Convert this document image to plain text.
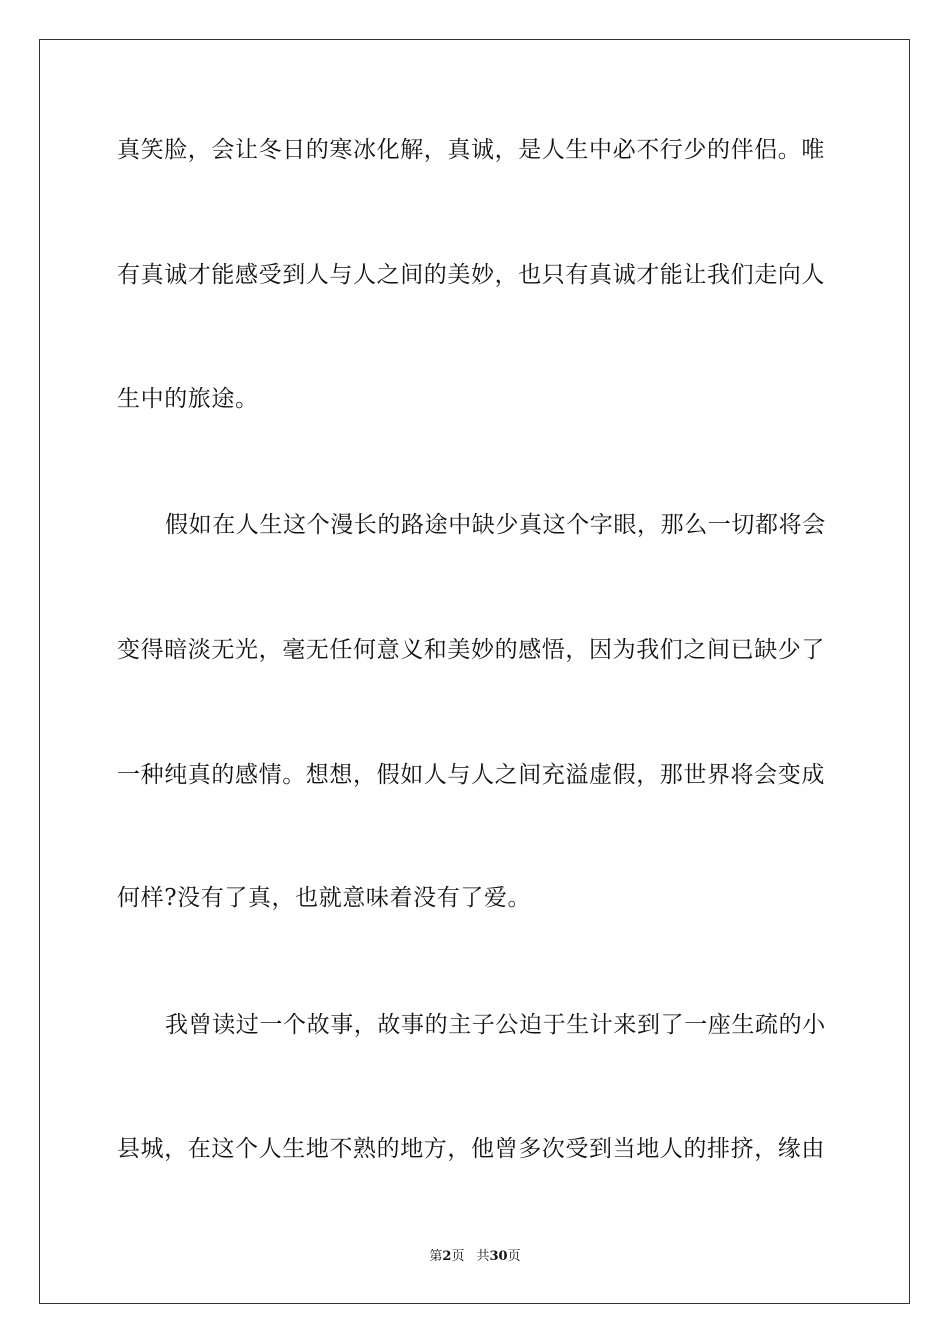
真笑脸，会让冬日的寒冰化解，真诚，是人生中必不行少的伴侣。唯
有真诚才能感受到人与人之间的美妙，也只有真诚才能让我们走向人
生中的旅途。
假如在人生这个漫长的路途中缺少真这个字眼，那么一切都将会
变得暗淡无光，毫无任何意义和美妙的感悟，因为我们之间已缺少了
一种纯真的感情。想想，假如人与人之间充溢虚假，那世界将会变成
何样?没有了真，也就意味着没有了爱。
我曾读过一个故事，故事的主子公迫于生计来到了一座生疏的小
县城，在这个人生地不熟的地方，他曾多次受到当地人的排挤，缘由
第2页 共30页
